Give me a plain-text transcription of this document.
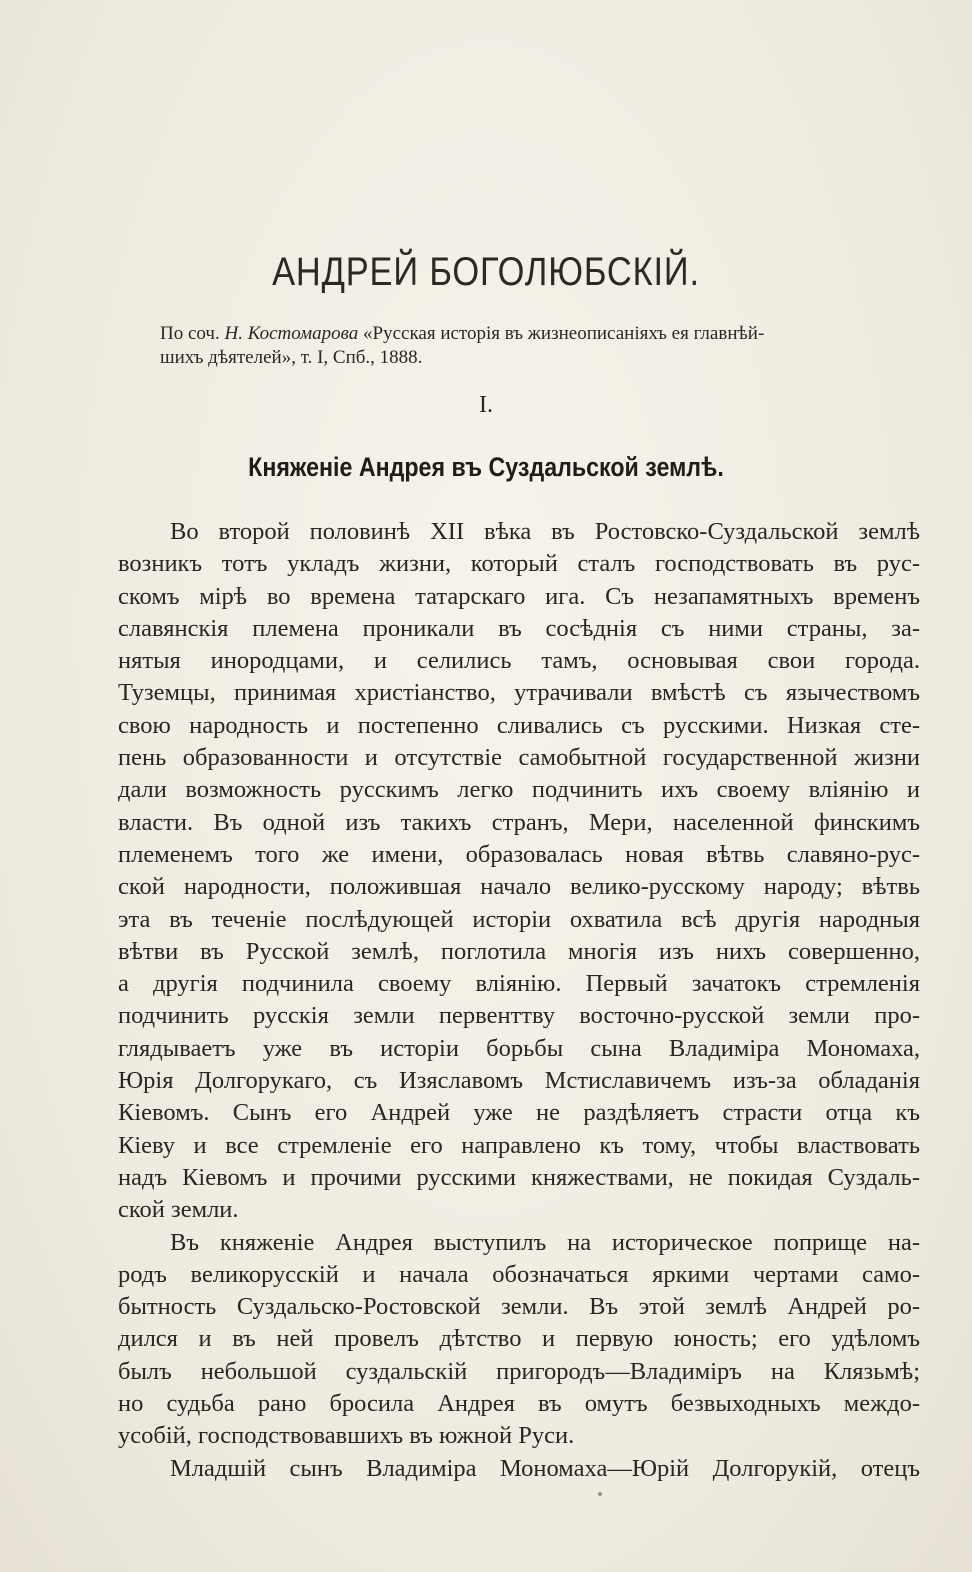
АНДРЕЙ БОГОЛЮБСКІЙ.
По соч. Н. Костомарова «Русская исторія въ жизнеописаніяхъ ея главнѣй-
шихъ дѣятелей», т. I, Спб., 1888.
I.
Княженіе Андрея въ Суздальской землѣ.
Во второй половинѣ XII вѣка въ Ростовско-Суздальской землѣ
возникъ тотъ укладъ жизни, который сталъ господствовать въ рус-
скомъ мірѣ во времена татарскаго ига. Съ незапамятныхъ временъ
славянскія племена проникали въ сосѣднія съ ними страны, за-
нятыя инородцами, и селились тамъ, основывая свои города.
Туземцы, принимая христіанство, утрачивали вмѣстѣ съ язычествомъ
свою народность и постепенно сливались съ русскими. Низкая сте-
пень образованности и отсутствіе самобытной госудаpственной жизни
дали возможность русскимъ легко подчинить ихъ своему вліянію и
власти. Въ одной изъ такихъ странъ, Мери, населенной финскимъ
племенемъ того же имени, образовалась новая вѣтвь славяно-рус-
ской народности, положившая начало велико-русскому народу; вѣтвь
эта въ теченіе послѣдующей исторіи охватила всѣ другія народныя
вѣтви въ Русской землѣ, поглотила многія изъ нихъ совершенно,
а другія подчинила своему вліянію. Первый зачатокъ стремленія
подчинить русскія земли первенттву восточно-русской земли про-
глядываетъ уже въ исторіи борьбы сына Владиміра Мономаха,
Юрія Долгорукаго, съ Изяславомъ Мстиславичемъ изъ-за обладанія
Кіевомъ. Сынъ его Андрей уже не раздѣляетъ страсти отца къ
Кіеву и все стремленіе его направлено къ тому, чтобы властвовать
надъ Кіевомъ и прочими русскими княжествами, не покидая Суздаль-
ской земли.
Въ княженіе Андрея выступилъ на историческое поприще на-
родъ великорусскій и начала обозначаться яркими чертами само-
бытность Суздальско-Ростовской земли. Въ этой землѣ Андрей ро-
дился и въ ней провелъ дѣтство и первую юность; его удѣломъ
былъ небольшой суздальскій пригородъ—Владиміръ на Клязьмѣ;
но судьба рано бросила Андрея въ омутъ безвыходныхъ междо-
усобій, господствовавшихъ въ южной Руси.
Младшій сынъ Владиміра Мономаха—Юрій Долгорукій, отецъ
